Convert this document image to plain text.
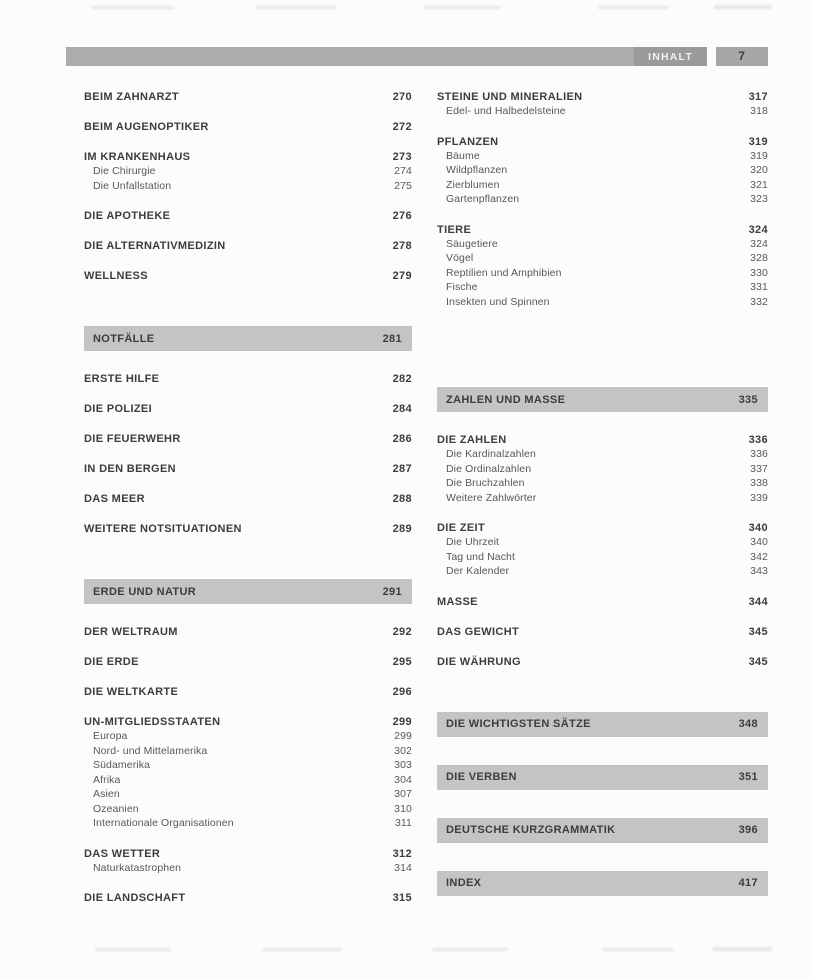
INHALT	7
BEIM ZAHNARZT	270
BEIM AUGENOPTIKER	272
IM KRANKENHAUS	273
Die Chirurgie	274
Die Unfallstation	275
DIE APOTHEKE	276
DIE ALTERNATIVMEDIZIN	278
WELLNESS	279
NOTFÄLLE	281
ERSTE HILFE	282
DIE POLIZEI	284
DIE FEUERWEHR	286
IN DEN BERGEN	287
DAS MEER	288
WEITERE NOTSITUATIONEN	289
ERDE UND NATUR	291
DER WELTRAUM	292
DIE ERDE	295
DIE WELTKARTE	296
UN-MITGLIEDSSTAATEN	299
Europa	299
Nord- und Mittelamerika	302
Südamerika	303
Afrika	304
Asien	307
Ozeanien	310
Internationale Organisationen	311
DAS WETTER	312
Naturkatastrophen	314
DIE LANDSCHAFT	315
STEINE UND MINERALIEN	317
Edel- und Halbedelsteine	318
PFLANZEN	319
Bäume	319
Wildpflanzen	320
Zierblumen	321
Gartenpflanzen	323
TIERE	324
Säugetiere	324
Vögel	328
Reptilien und Amphibien	330
Fische	331
Insekten und Spinnen	332
ZAHLEN UND MASSE	335
DIE ZAHLEN	336
Die Kardinalzahlen	336
Die Ordinalzahlen	337
Die Bruchzahlen	338
Weitere Zahlwörter	339
DIE ZEIT	340
Die Uhrzeit	340
Tag und Nacht	342
Der Kalender	343
MASSE	344
DAS GEWICHT	345
DIE WÄHRUNG	345
DIE WICHTIGSTEN SÄTZE	348
DIE VERBEN	351
DEUTSCHE KURZGRAMMATIK	396
INDEX	417
